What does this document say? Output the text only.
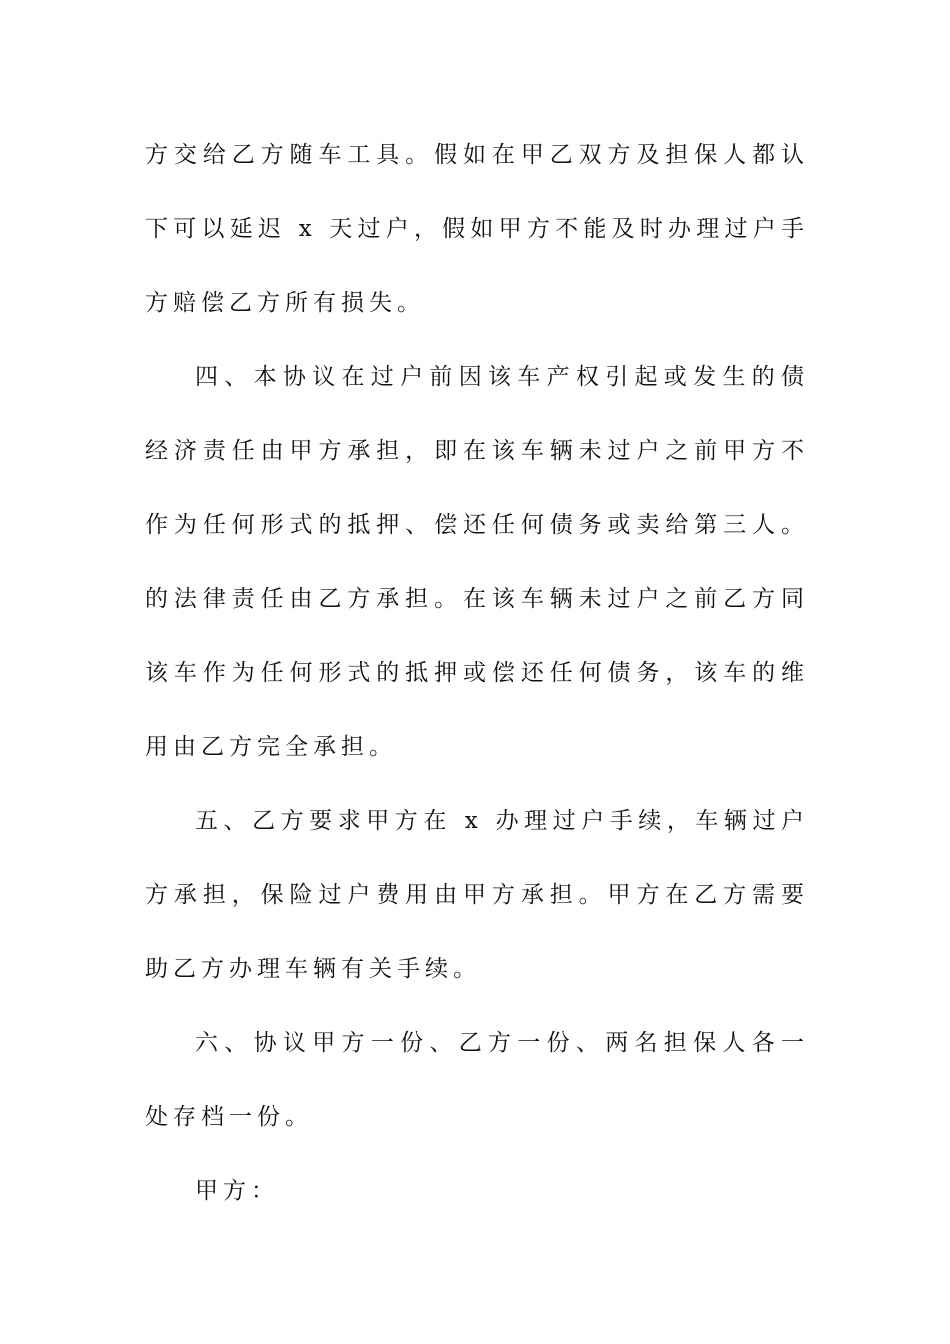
方交给乙方随车工具。假如在甲乙双方及担保人都认
下可以延迟 x 天过户，假如甲方不能及时办理过户手
方赔偿乙方所有损失。
四、本协议在过户前因该车产权引起或发生的债
经济责任由甲方承担，即在该车辆未过户之前甲方不
作为任何形式的抵押、偿还任何债务或卖给第三人。
的法律责任由乙方承担。在该车辆未过户之前乙方同
该车作为任何形式的抵押或偿还任何债务，该车的维
用由乙方完全承担。
五、乙方要求甲方在 x 办理过户手续，车辆过户
方承担，保险过户费用由甲方承担。甲方在乙方需要
助乙方办理车辆有关手续。
六、协议甲方一份、乙方一份、两名担保人各一
处存档一份。
甲方：
